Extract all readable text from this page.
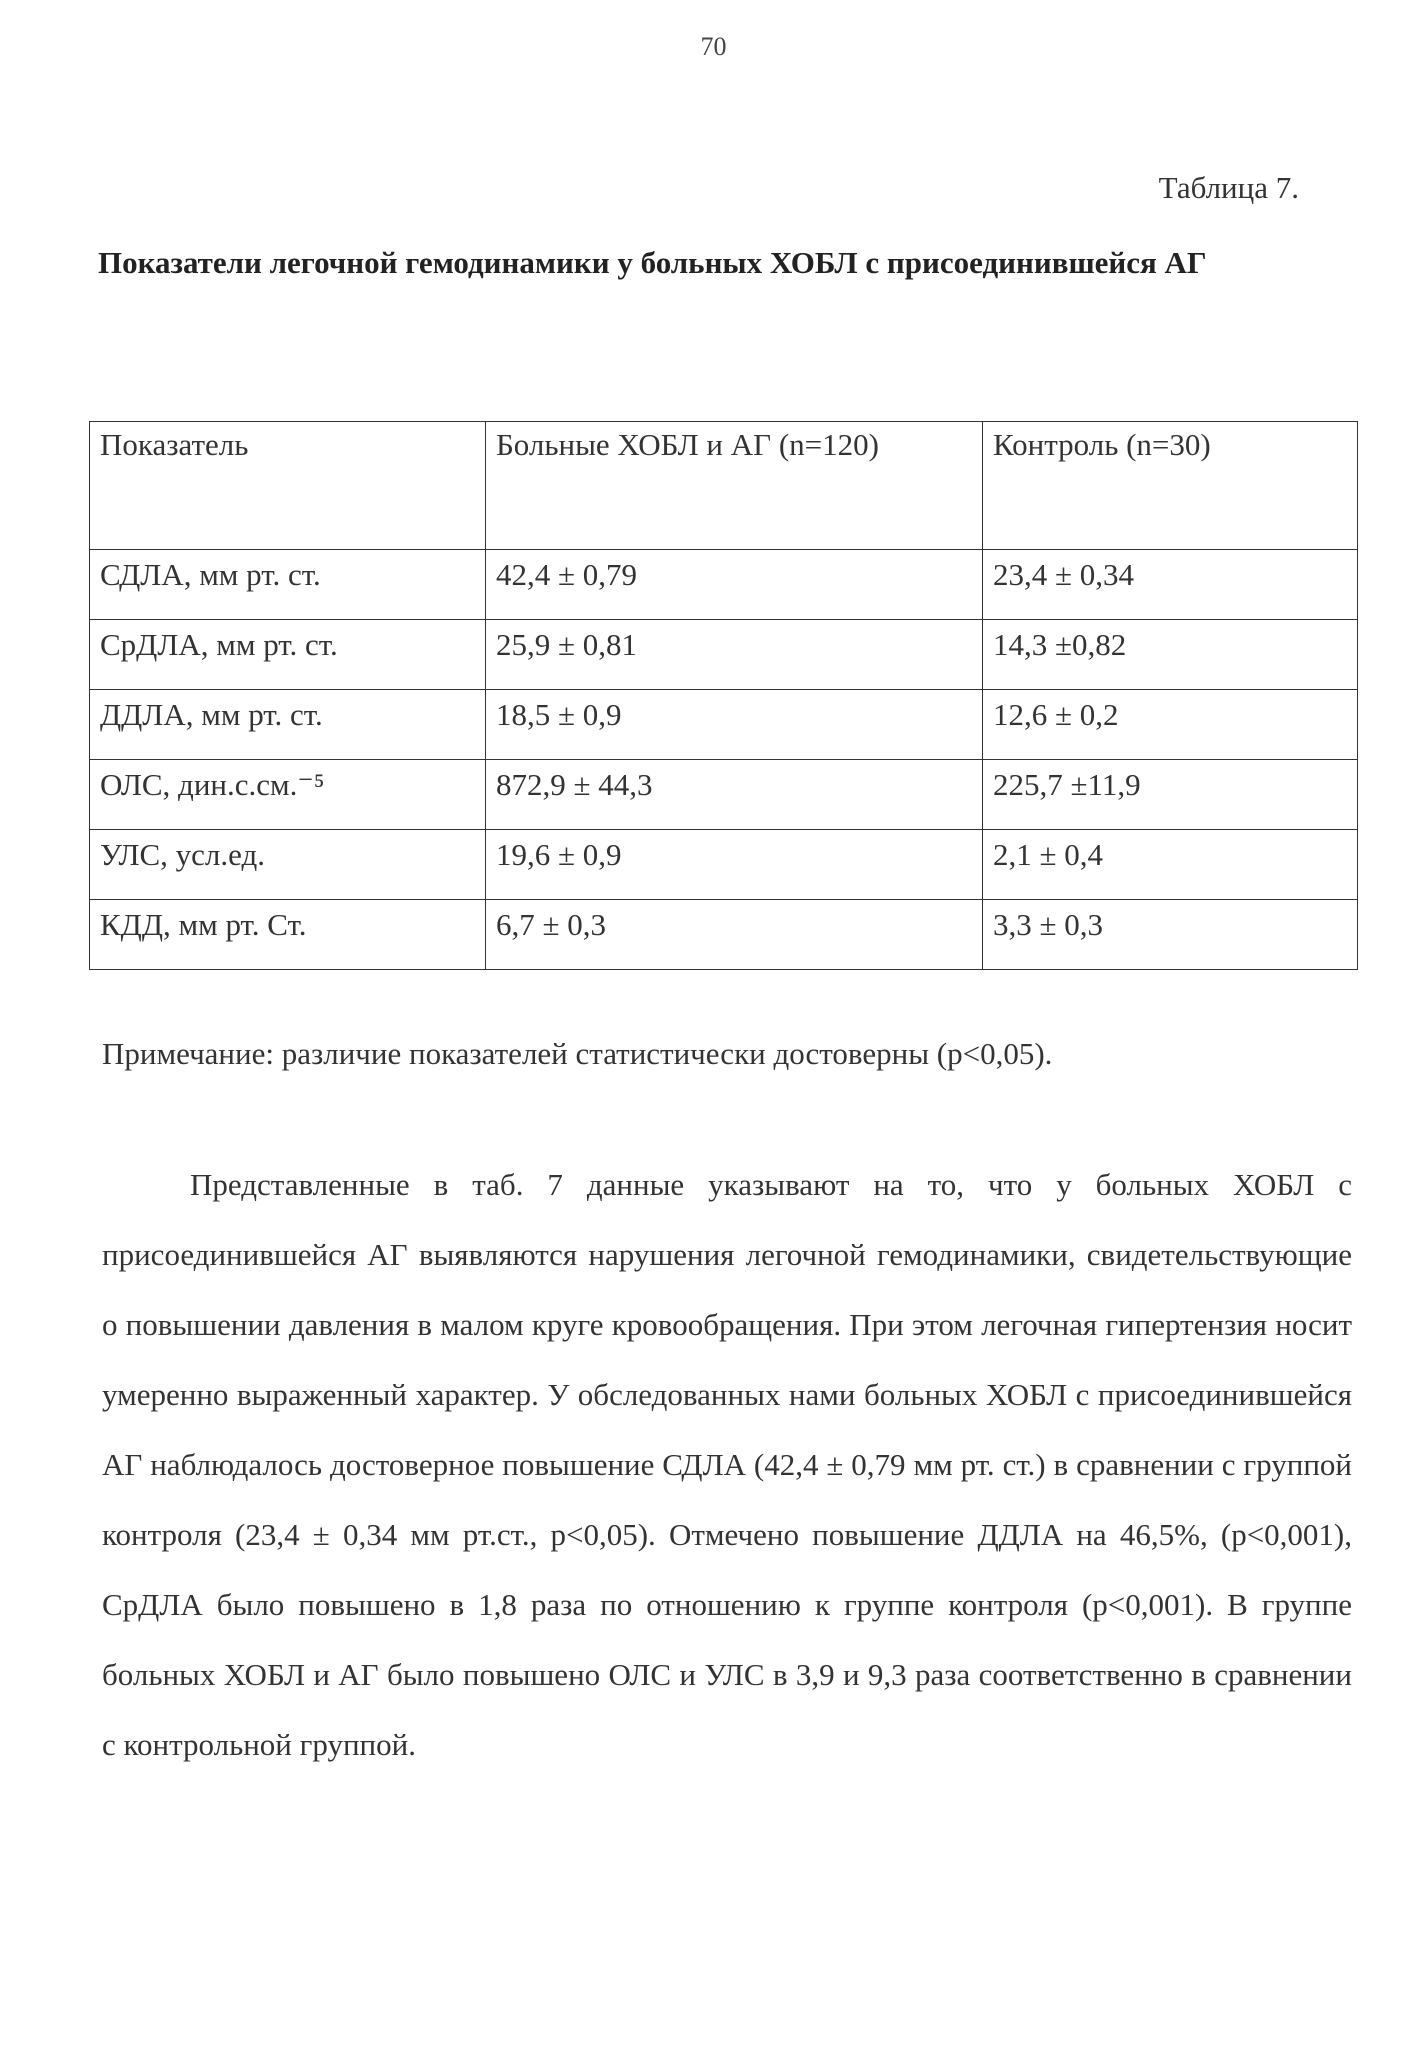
70
Таблица 7.
Показатели легочной гемодинамики у больных ХОБЛ с присоединившейся АГ
Показатель	Больные ХОБЛ и АГ (n=120)	Контроль (n=30)
СДЛА, мм рт. ст.	42,4 ± 0,79	23,4 ± 0,34
СрДЛА, мм рт. ст.	25,9 ± 0,81	14,3 ±0,82
ДДЛА, мм рт. ст.	18,5 ± 0,9	12,6 ± 0,2
ОЛС, дин.с.см.⁻⁵	872,9 ± 44,3	225,7 ±11,9
УЛС, усл.ед.	19,6 ± 0,9	2,1 ± 0,4
КДД, мм рт. Ст.	6,7 ± 0,3	3,3 ± 0,3
Примечание: различие показателей статистически достоверны (р<0,05).

Представленные в таб. 7 данные указывают на то, что у больных ХОБЛ с присоединившейся АГ выявляются нарушения легочной гемодинамики, свидетельствующие о повышении давления в малом круге кровообращения. При этом легочная гипертензия носит умеренно выраженный характер. У обследованных нами больных ХОБЛ с присоединившейся АГ наблюдалось достоверное повышение СДЛА (42,4 ± 0,79 мм рт. ст.) в сравнении с группой контроля (23,4 ± 0,34 мм рт.ст., р<0,05). Отмечено повышение ДДЛА на 46,5%, (р<0,001), СрДЛА было повышено в 1,8 раза по отношению к группе контроля (р<0,001). В группе больных ХОБЛ и АГ было повышено ОЛС и УЛС в 3,9 и 9,3 раза соответственно в сравнении с контрольной группой.
